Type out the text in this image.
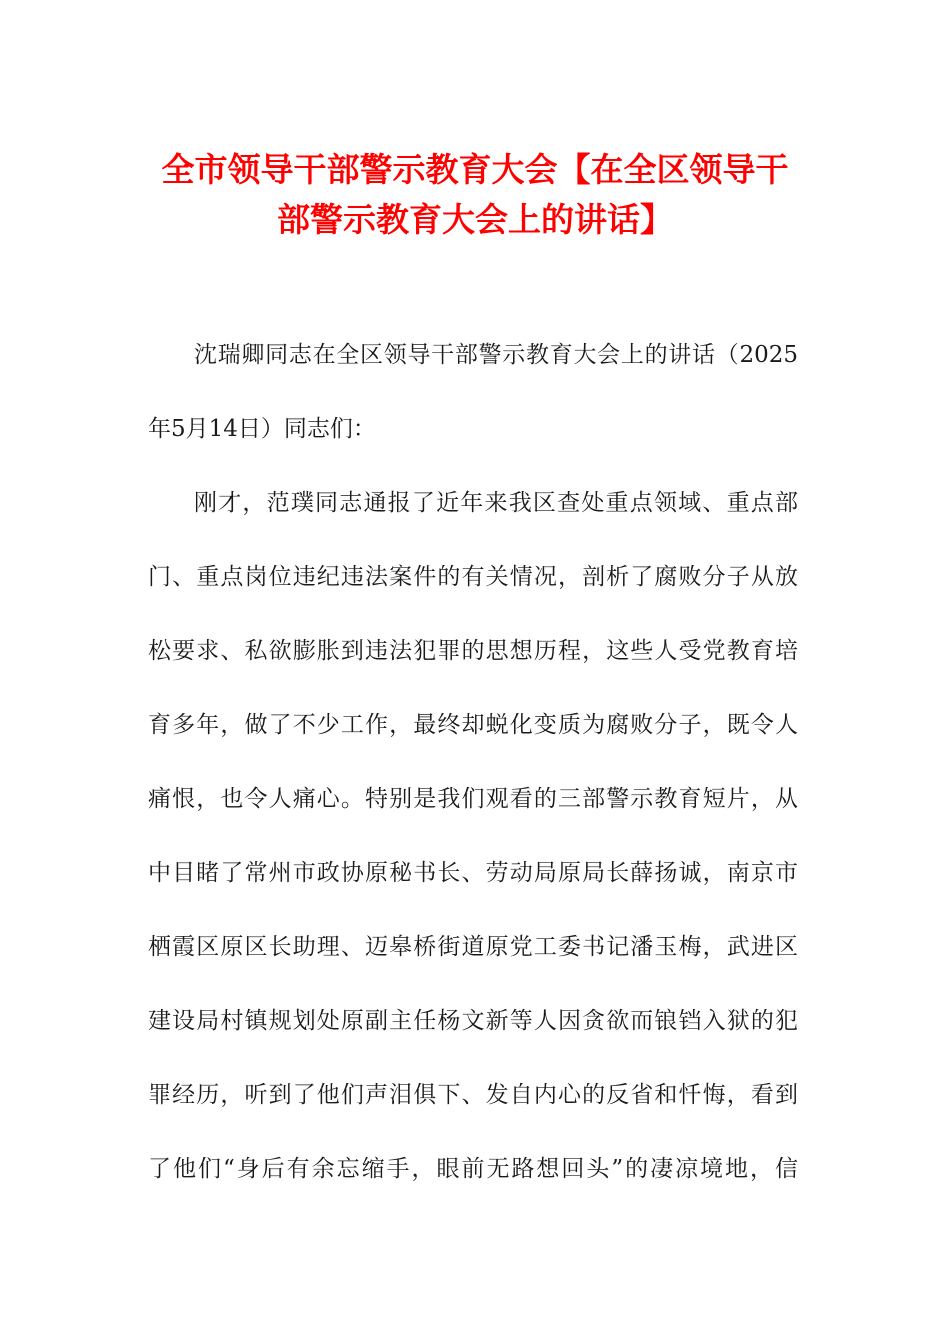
全市领导干部警示教育大会【在全区领导干
部警示教育大会上的讲话】
沈瑞卿同志在全区领导干部警示教育大会上的讲话（2025
年5月14日）同志们：
刚才，范璞同志通报了近年来我区查处重点领域、重点部
门、重点岗位违纪违法案件的有关情况，剖析了腐败分子从放
松要求、私欲膨胀到违法犯罪的思想历程，这些人受党教育培
育多年，做了不少工作，最终却蜕化变质为腐败分子，既令人
痛恨，也令人痛心。特别是我们观看的三部警示教育短片，从
中目睹了常州市政协原秘书长、劳动局原局长薛扬诚，南京市
栖霞区原区长助理、迈皋桥街道原党工委书记潘玉梅，武进区
建设局村镇规划处原副主任杨文新等人因贪欲而锒铛入狱的犯
罪经历，听到了他们声泪俱下、发自内心的反省和忏悔，看到
了他们“身后有余忘缩手，眼前无路想回头”的凄凉境地，信
